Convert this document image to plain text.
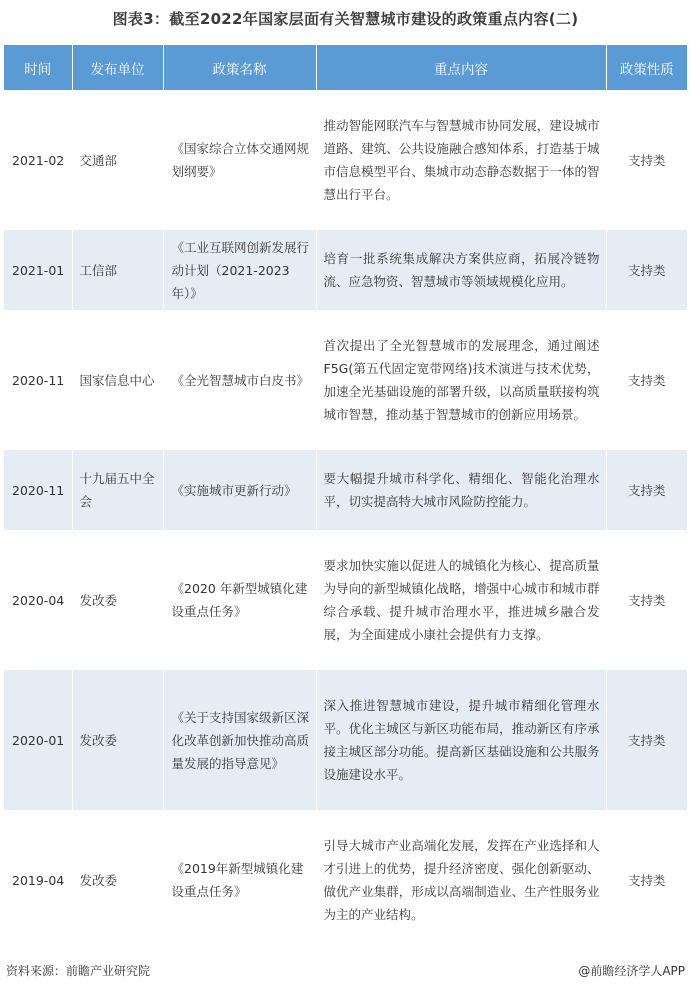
图表3：截至2022年国家层面有关智慧城市建设的政策重点内容(二)
时间	发布单位	政策名称	重点内容	政策性质
2021-02	交通部	《国家综合立体交通网规划纲要》	推动智能网联汽车与智慧城市协同发展，建设城市道路、建筑、公共设施融合感知体系，打造基于城市信息模型平台、集城市动态静态数据于一体的智慧出行平台。	支持类
2021-01	工信部	《工业互联网创新发展行动计划（2021-2023年）》	培育一批系统集成解决方案供应商，拓展冷链物流、应急物资、智慧城市等领域规模化应用。	支持类
2020-11	国家信息中心	《全光智慧城市白皮书》	首次提出了全光智慧城市的发展理念，通过阐述F5G(第五代固定宽带网络)技术演进与技术优势，加速全光基础设施的部署升级，以高质量联接构筑城市智慧，推动基于智慧城市的创新应用场景。	支持类
2020-11	十九届五中全会	《实施城市更新行动》	要大幅提升城市科学化、精细化、智能化治理水平，切实提高特大城市风险防控能力。	支持类
2020-04	发改委	《2020 年新型城镇化建设重点任务》	要求加快实施以促进人的城镇化为核心、提高质量为导向的新型城镇化战略，增强中心城市和城市群综合承载、提升城市治理水平，推进城乡融合发展，为全面建成小康社会提供有力支撑。	支持类
2020-01	发改委	《关于支持国家级新区深化改革创新加快推动高质量发展的指导意见》	深入推进智慧城市建设，提升城市精细化管理水平。优化主城区与新区功能布局，推动新区有序承接主城区部分功能。提高新区基础设施和公共服务设施建设水平。	支持类
2019-04	发改委	《2019年新型城镇化建设重点任务》	引导大城市产业高端化发展，发挥在产业选择和人才引进上的优势，提升经济密度、强化创新驱动、做优产业集群，形成以高端制造业、生产性服务业为主的产业结构。	支持类
资料来源：前瞻产业研究院	@前瞻经济学人APP
